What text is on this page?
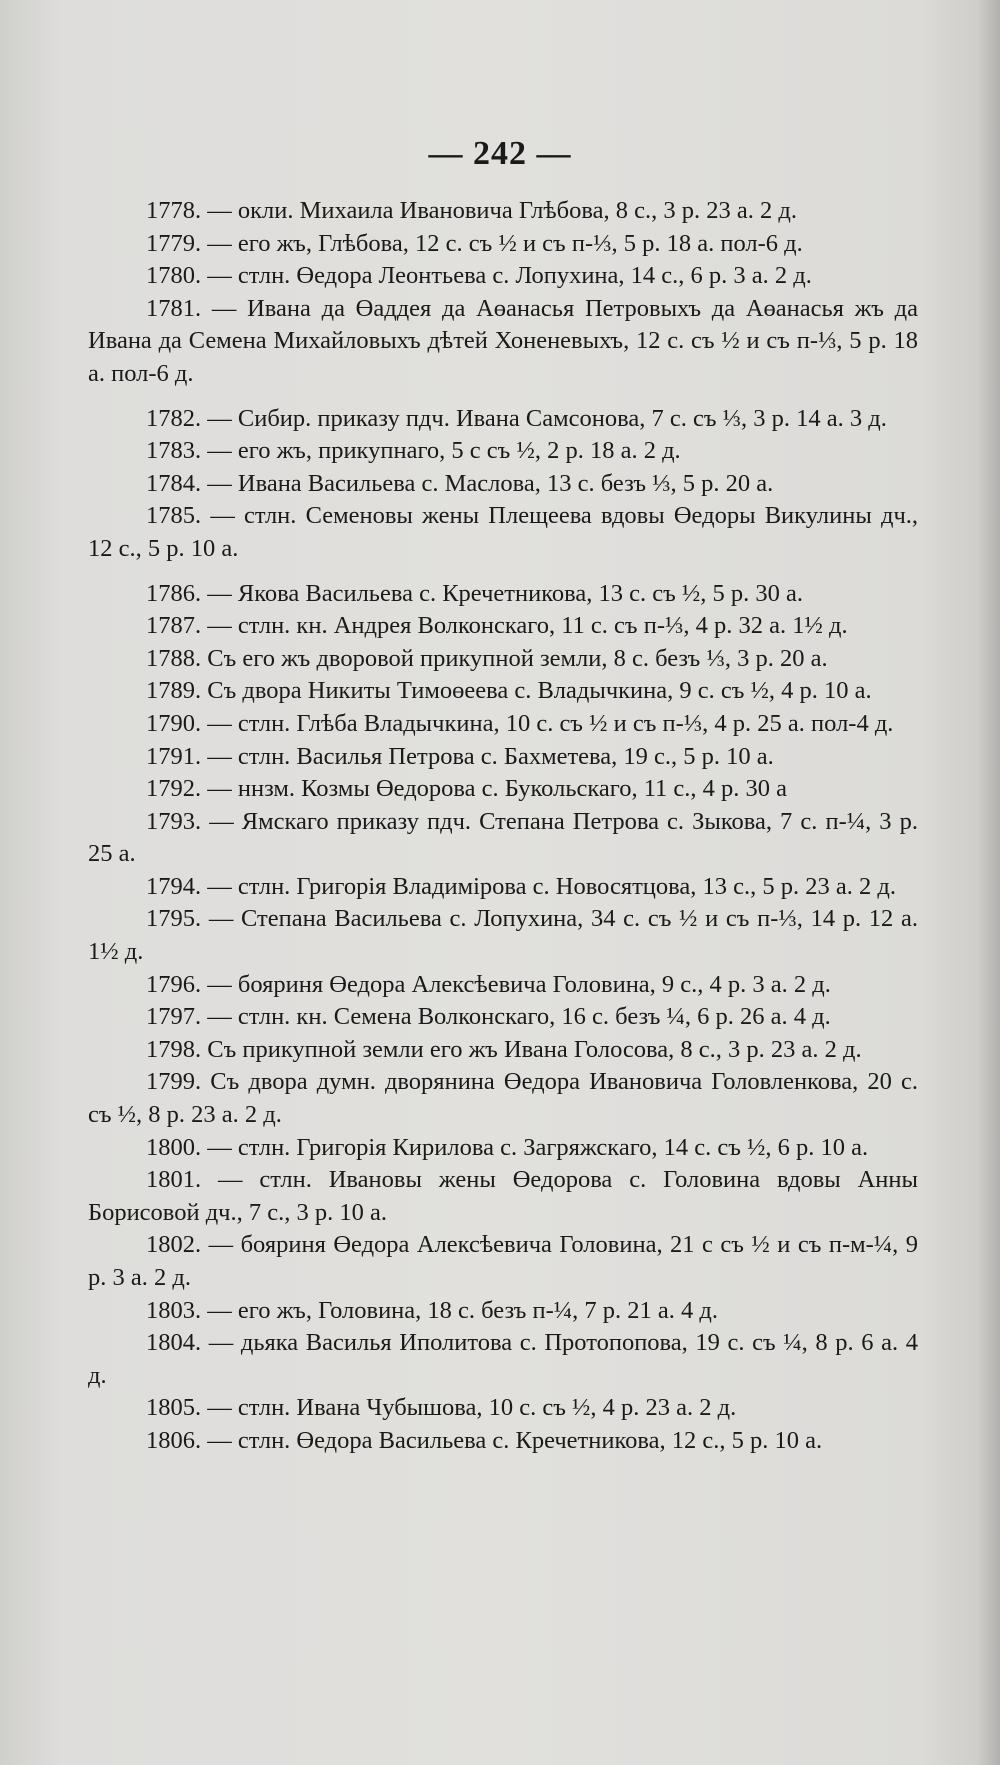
— 242 —

1778. — окли. Михаила Ивановича Глѣбова, 8 с., 3 р. 23 а. 2 д.

1779. — его жъ, Глѣбова, 12 с. съ ½ и съ п-⅓, 5 р. 18 а. пол-6 д.

1780. — стлн. Өедора Леонтьева с. Лопухина, 14 с., 6 р. 3 а. 2 д.

1781. — Ивана да Өаддея да Аөанасья Петровыхъ да Аөанасья жъ да Ивана да Семена Михайловыхъ дѣтей Хоненевыхъ, 12 с. съ ½ и съ п-⅓, 5 р. 18 а. пол-6 д.

1782. — Сибир. приказу пдч. Ивана Самсонова, 7 с. съ ⅓, 3 р. 14 а. 3 д.

1783. — его жъ, прикупнаго, 5 с съ ½, 2 р. 18 а. 2 д.

1784. — Ивана Васильева с. Маслова, 13 с. безъ ⅓, 5 р. 20 а.

1785. — стлн. Семеновы жены Плещеева вдовы Өедоры Викулины дч., 12 с., 5 р. 10 а.

1786. — Якова Васильева с. Кречетникова, 13 с. съ ½, 5 р. 30 а.

1787. — стлн. кн. Андрея Волконскаго, 11 с. съ п-⅓, 4 р. 32 а. 1½ д.

1788. Съ его жъ дворовой прикупной земли, 8 с. безъ ⅓, 3 р. 20 а.

1789. Съ двора Никиты Тимоөеева с. Владычкина, 9 с. съ ½, 4 р. 10 а.

1790. — стлн. Глѣба Владычкина, 10 с. съ ½ и съ п-⅓, 4 р. 25 а. пол-4 д.

1791. — стлн. Василья Петрова с. Бахметева, 19 с., 5 р. 10 а.

1792. — ннзм. Козмы Өедорова с. Букольскаго, 11 с., 4 р. 30 а

1793. — Ямскаго приказу пдч. Степана Петрова с. Зыкова, 7 с. п-¼, 3 р. 25 а.

1794. — стлн. Григорія Владимірова с. Новосятцова, 13 с., 5 р. 23 а. 2 д.

1795. — Степана Васильева с. Лопухина, 34 с. съ ½ и съ п-⅓, 14 р. 12 а. 1½ д.

1796. — бояриня Өедора Алексѣевича Головина, 9 с., 4 р. 3 а. 2 д.

1797. — стлн. кн. Семена Волконскаго, 16 с. безъ ¼, 6 р. 26 а. 4 д.

1798. Съ прикупной земли его жъ Ивана Голосова, 8 с., 3 р. 23 а. 2 д.

1799. Съ двора думн. дворянина Өедора Ивановича Головленкова, 20 с. съ ½, 8 р. 23 а. 2 д.

1800. — стлн. Григорія Кирилова с. Загряжскаго, 14 с. съ ½, 6 р. 10 а.

1801. — стлн. Ивановы жены Өедорова с. Головина вдовы Анны Борисовой дч., 7 с., 3 р. 10 а.

1802. — бояриня Өедора Алексѣевича Головина, 21 с съ ½ и съ п-м-¼, 9 р. 3 а. 2 д.

1803. — его жъ, Головина, 18 с. безъ п-¼, 7 р. 21 а. 4 д.

1804. — дьяка Василья Иполитова с. Протопопова, 19 с. съ ¼, 8 р. 6 а. 4 д.

1805. — стлн. Ивана Чубышова, 10 с. съ ½, 4 р. 23 а. 2 д.

1806. — стлн. Өедора Васильева с. Кречетникова, 12 с., 5 р. 10 а.
